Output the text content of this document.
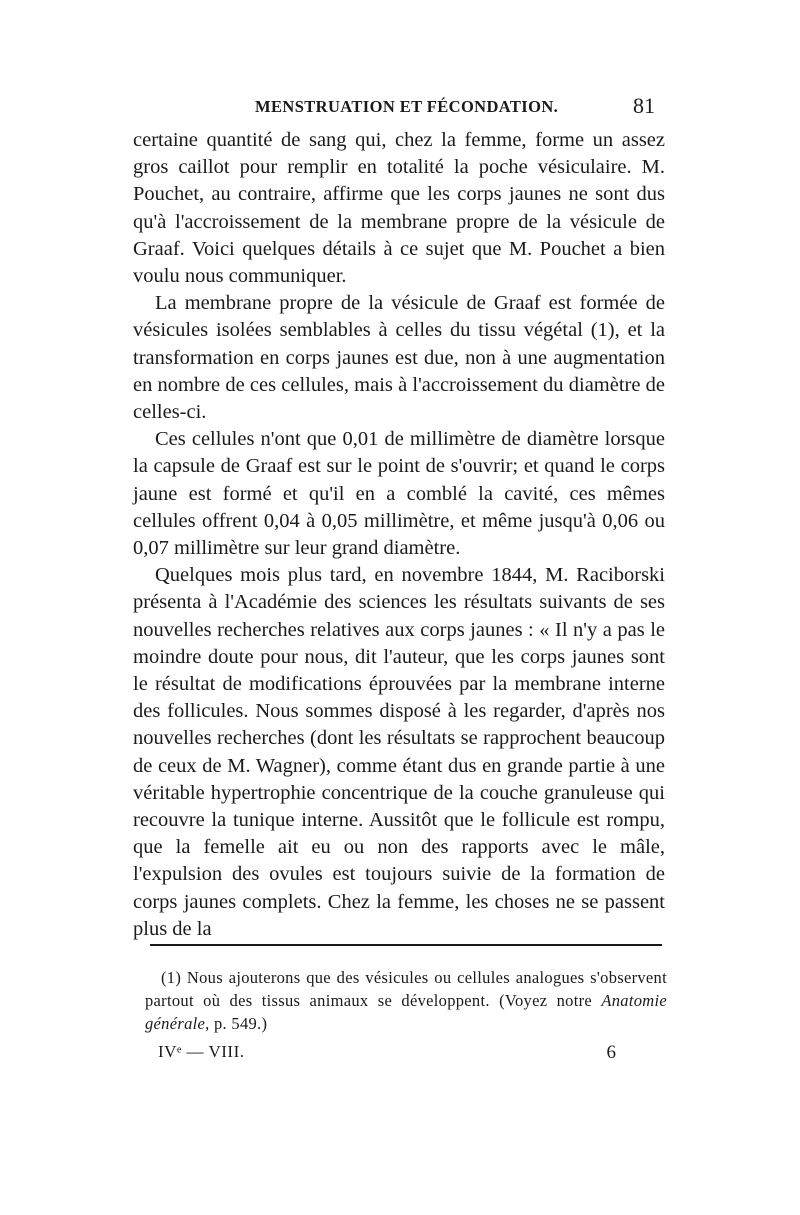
MENSTRUATION ET FÉCONDATION.	81

certaine quantité de sang qui, chez la femme, forme un assez gros caillot pour remplir en totalité la poche vésiculaire. M. Pouchet, au contraire, affirme que les corps jaunes ne sont dus qu'à l'accroissement de la membrane propre de la vésicule de Graaf. Voici quelques détails à ce sujet que M. Pouchet a bien voulu nous communiquer.

La membrane propre de la vésicule de Graaf est formée de vésicules isolées semblables à celles du tissu végétal (1), et la transformation en corps jaunes est due, non à une augmentation en nombre de ces cellules, mais à l'accroissement du diamètre de celles-ci.

Ces cellules n'ont que 0,01 de millimètre de diamètre lorsque la capsule de Graaf est sur le point de s'ouvrir; et quand le corps jaune est formé et qu'il en a comblé la cavité, ces mêmes cellules offrent 0,04 à 0,05 millimètre, et même jusqu'à 0,06 ou 0,07 millimètre sur leur grand diamètre.

Quelques mois plus tard, en novembre 1844, M. Raciborski présenta à l'Académie des sciences les résultats suivants de ses nouvelles recherches relatives aux corps jaunes : « Il n'y a pas le moindre doute pour nous, dit l'auteur, que les corps jaunes sont le résultat de modifications éprouvées par la membrane interne des follicules. Nous sommes disposé à les regarder, d'après nos nouvelles recherches (dont les résultats se rapprochent beaucoup de ceux de M. Wagner), comme étant dus en grande partie à une véritable hypertrophie concentrique de la couche granuleuse qui recouvre la tunique interne. Aussitôt que le follicule est rompu, que la femelle ait eu ou non des rapports avec le mâle, l'expulsion des ovules est toujours suivie de la formation de corps jaunes complets. Chez la femme, les choses ne se passent plus de la

(1) Nous ajouterons que des vésicules ou cellules analogues s'observent partout où des tissus animaux se développent. (Voyez notre Anatomie générale, p. 549.)

IVᵉ — VIII.	6
